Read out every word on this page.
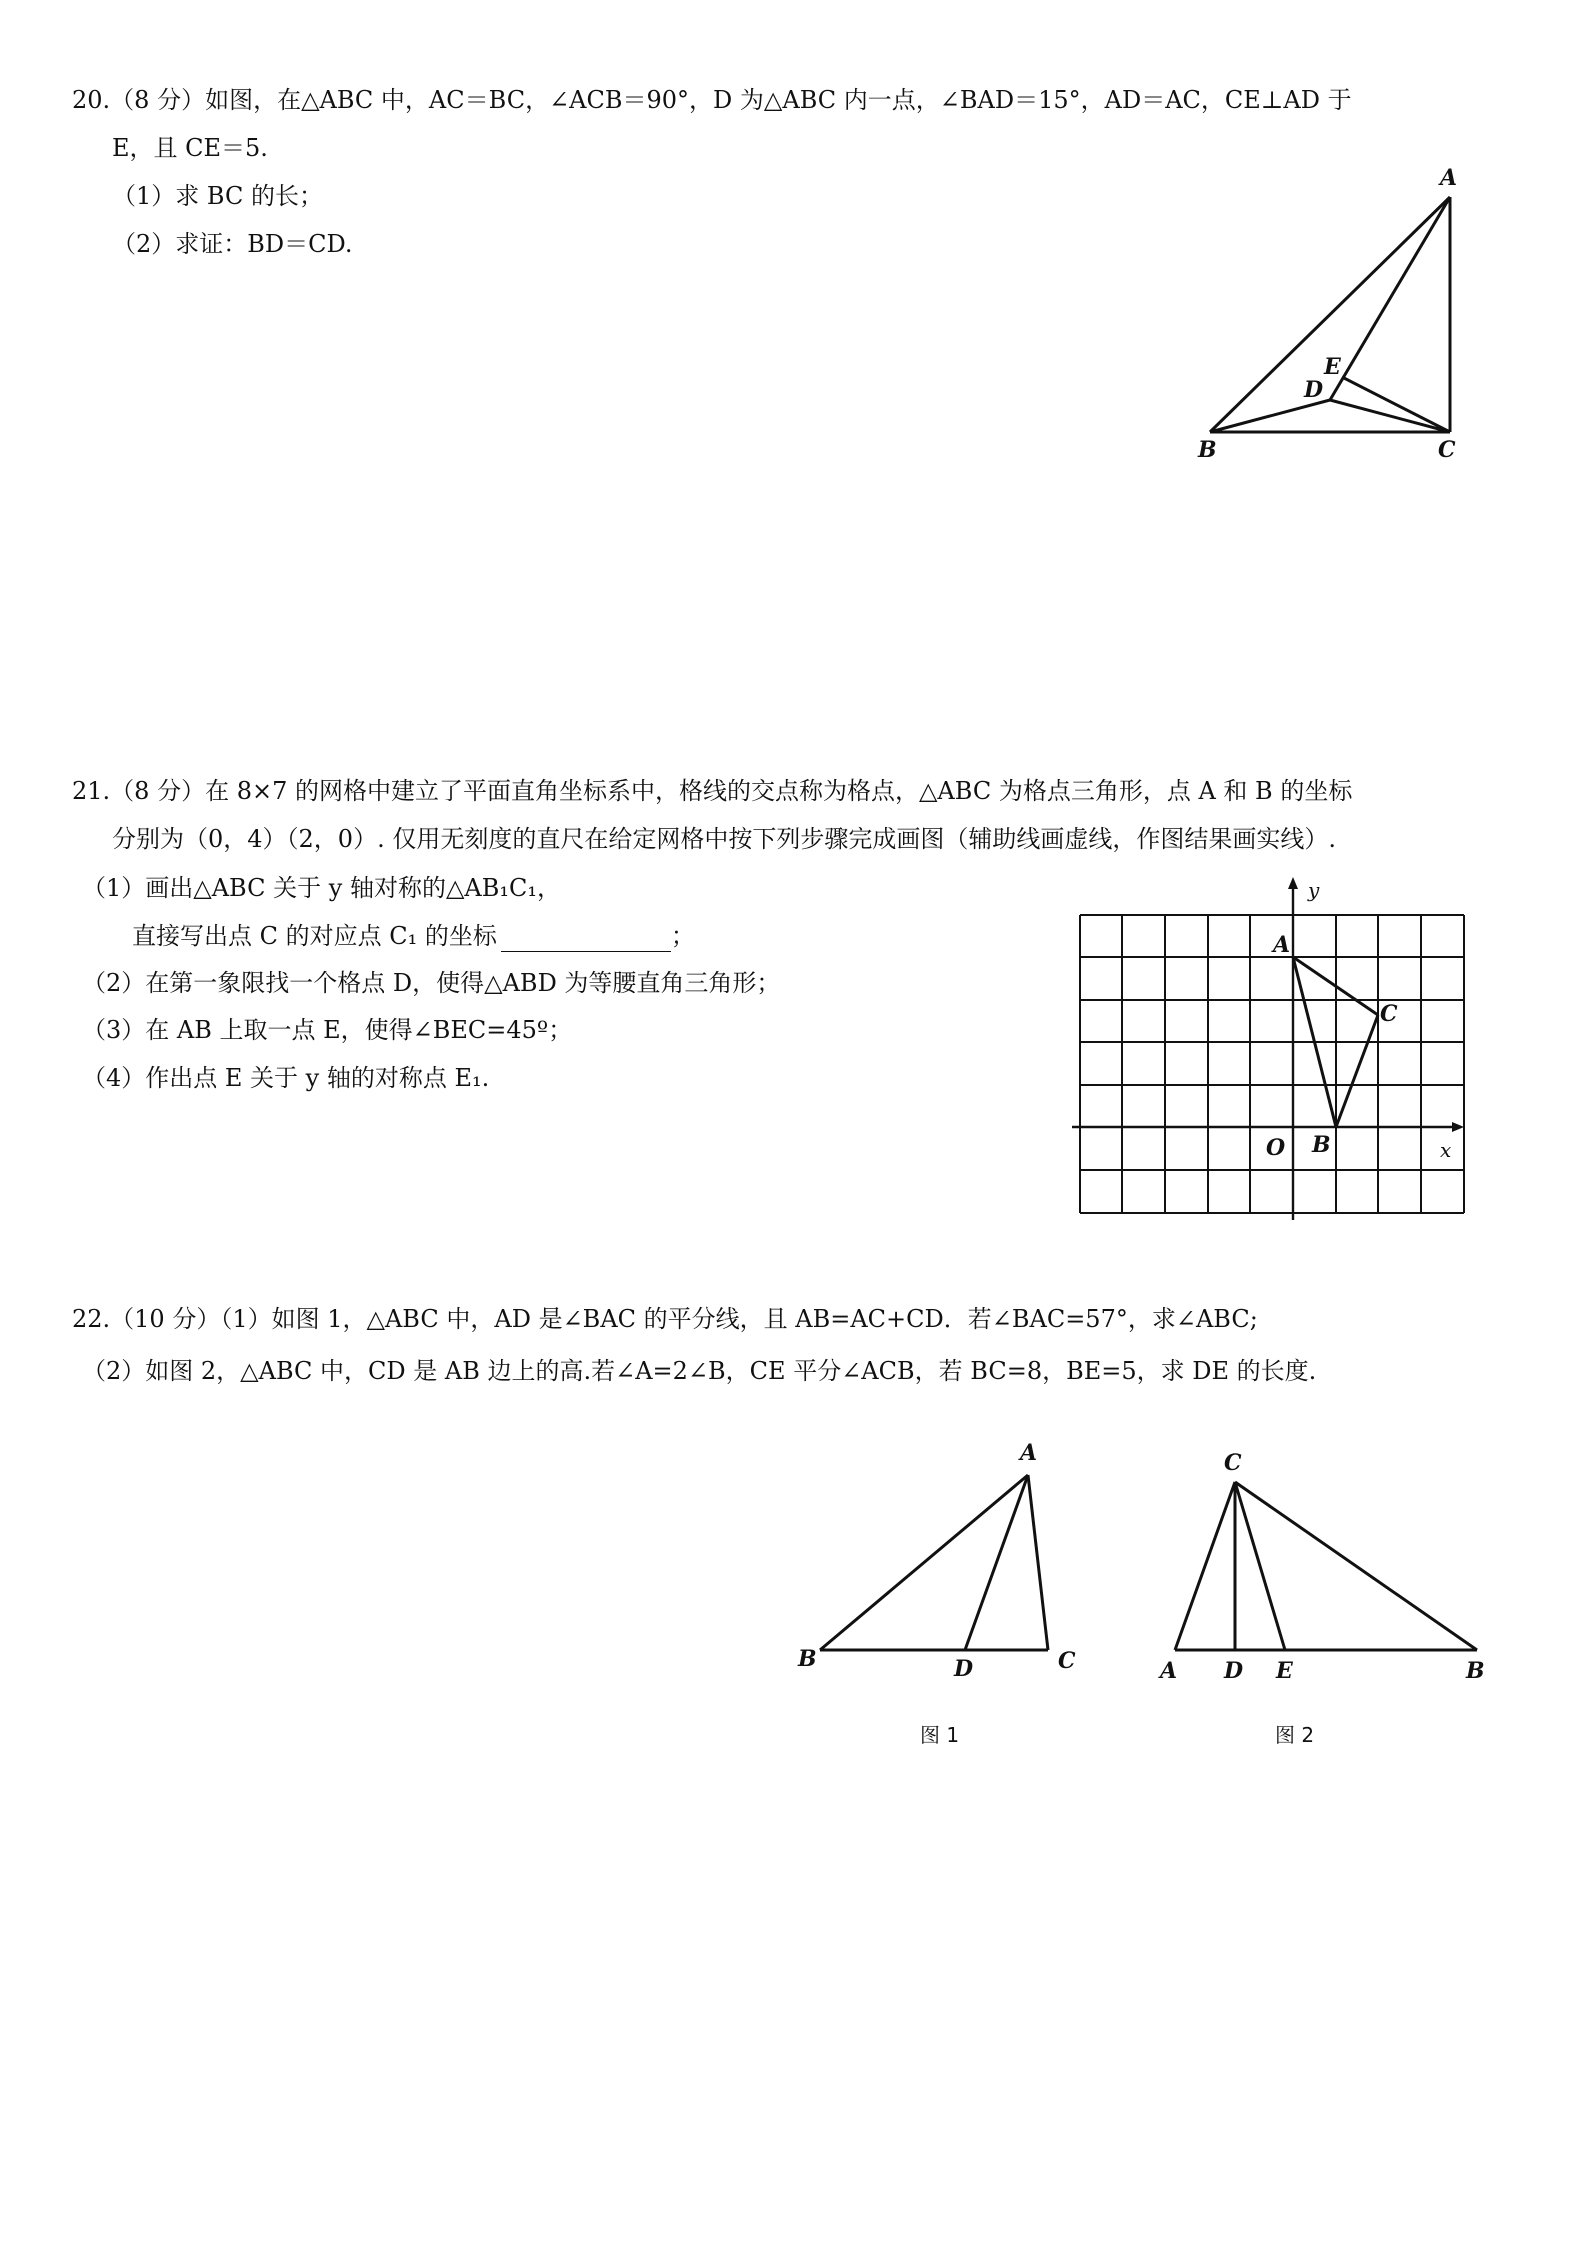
20.（8 分）如图，在△ABC 中，AC＝BC，∠ACB＝90°，D 为△ABC 内一点，∠BAD＝15°，AD＝AC，CE⊥AD 于
E，且 CE＝5.
（1）求 BC 的长；
（2）求证：BD＝CD.
A
B	C
D
E
21.（8 分）在 8×7 的网格中建立了平面直角坐标系中，格线的交点称为格点，△ABC 为格点三角形，点 A 和 B 的坐标
分别为（0，4）（2，0）. 仅用无刻度的直尺在给定网格中按下列步骤完成画图（辅助线画虚线，作图结果画实线）.
（1）画出△ABC 关于 y 轴对称的△AB₁C₁，
直接写出点 C 的对应点 C₁ 的坐标	；
（2）在第一象限找一个格点 D，使得△ABD 为等腰直角三角形；
（3）在 AB 上取一点 E，使得∠BEC=45º；
（4）作出点 E 关于 y 轴的对称点 E₁.
A
C
O B	x
y
22.（10 分）（1）如图 1，△ABC 中，AD 是∠BAC 的平分线，且 AB=AC+CD．若∠BAC=57°，求∠ABC;
（2）如图 2，△ABC 中，CD 是 AB 边上的高.若∠A=2∠B，CE 平分∠ACB，若 BC=8，BE=5，求 DE 的长度.
A
B	D	C
图 1
C
A D E	B
图 2
